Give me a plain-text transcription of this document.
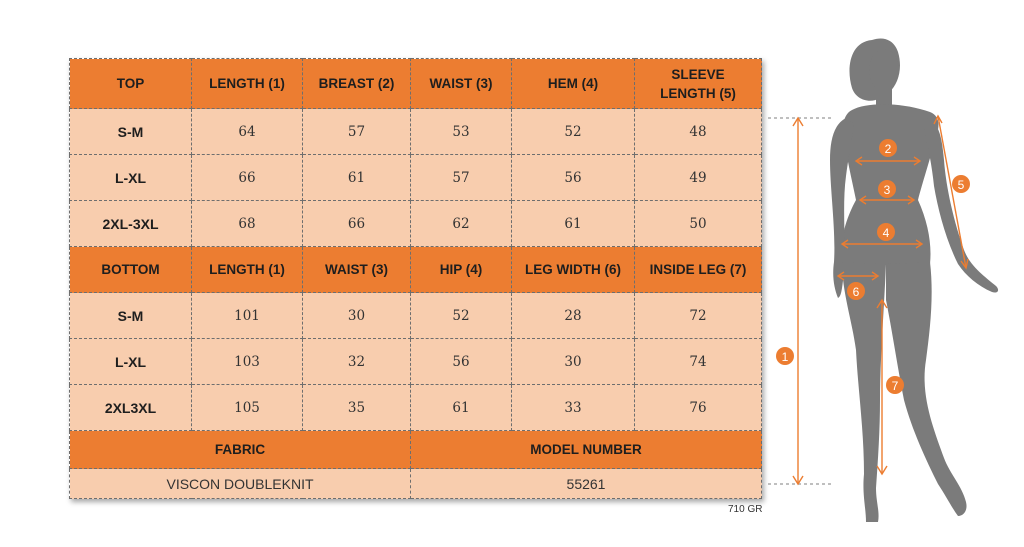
TOP	LENGTH (1)	BREAST (2)	WAIST (3)	HEM (4)	SLEEVE LENGTH (5)
S-M	64	57	53	52	48
L-XL	66	61	57	56	49
2XL-3XL	68	66	62	61	50
BOTTOM	LENGTH (1)	WAIST (3)	HIP (4)	LEG WIDTH (6)	INSIDE LEG (7)
S-M	101	30	52	28	72
L-XL	103	32	56	30	74
2XL3XL	105	35	61	33	76
FABRIC			MODEL NUMBER		
VISCON DOUBLEKNIT			55261		
710 GR
1
2
3
4
5
6
7
